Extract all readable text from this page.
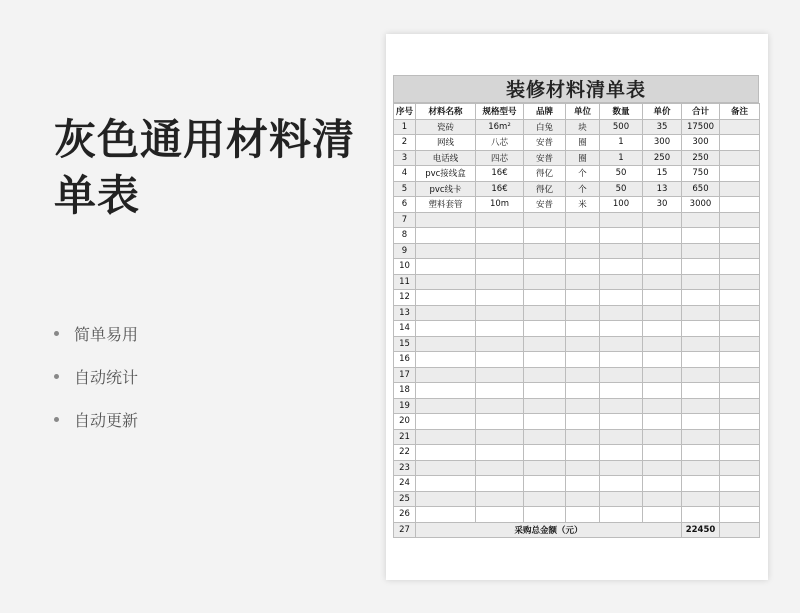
灰色通用材料清单表
简单易用
自动统计
自动更新
装修材料清单表
序号	材料名称	规格型号	品牌	单位	数量	单价	合计	备注
1	瓷砖	16m²	白兔	块	500	35	17500	
2	网线	八芯	安普	圈	1	300	300	
3	电话线	四芯	安普	圈	1	250	250	
4	pvc接线盒	16€	得亿	个	50	15	750	
5	pvc线卡	16€	得亿	个	50	13	650	
6	塑料套管	10m	安普	米	100	30	3000	
7								
8								
9								
10								
11								
12								
13								
14								
15								
16								
17								
18								
19								
20								
21								
22								
23								
24								
25								
26								
27	采购总金额（元）						22450	
